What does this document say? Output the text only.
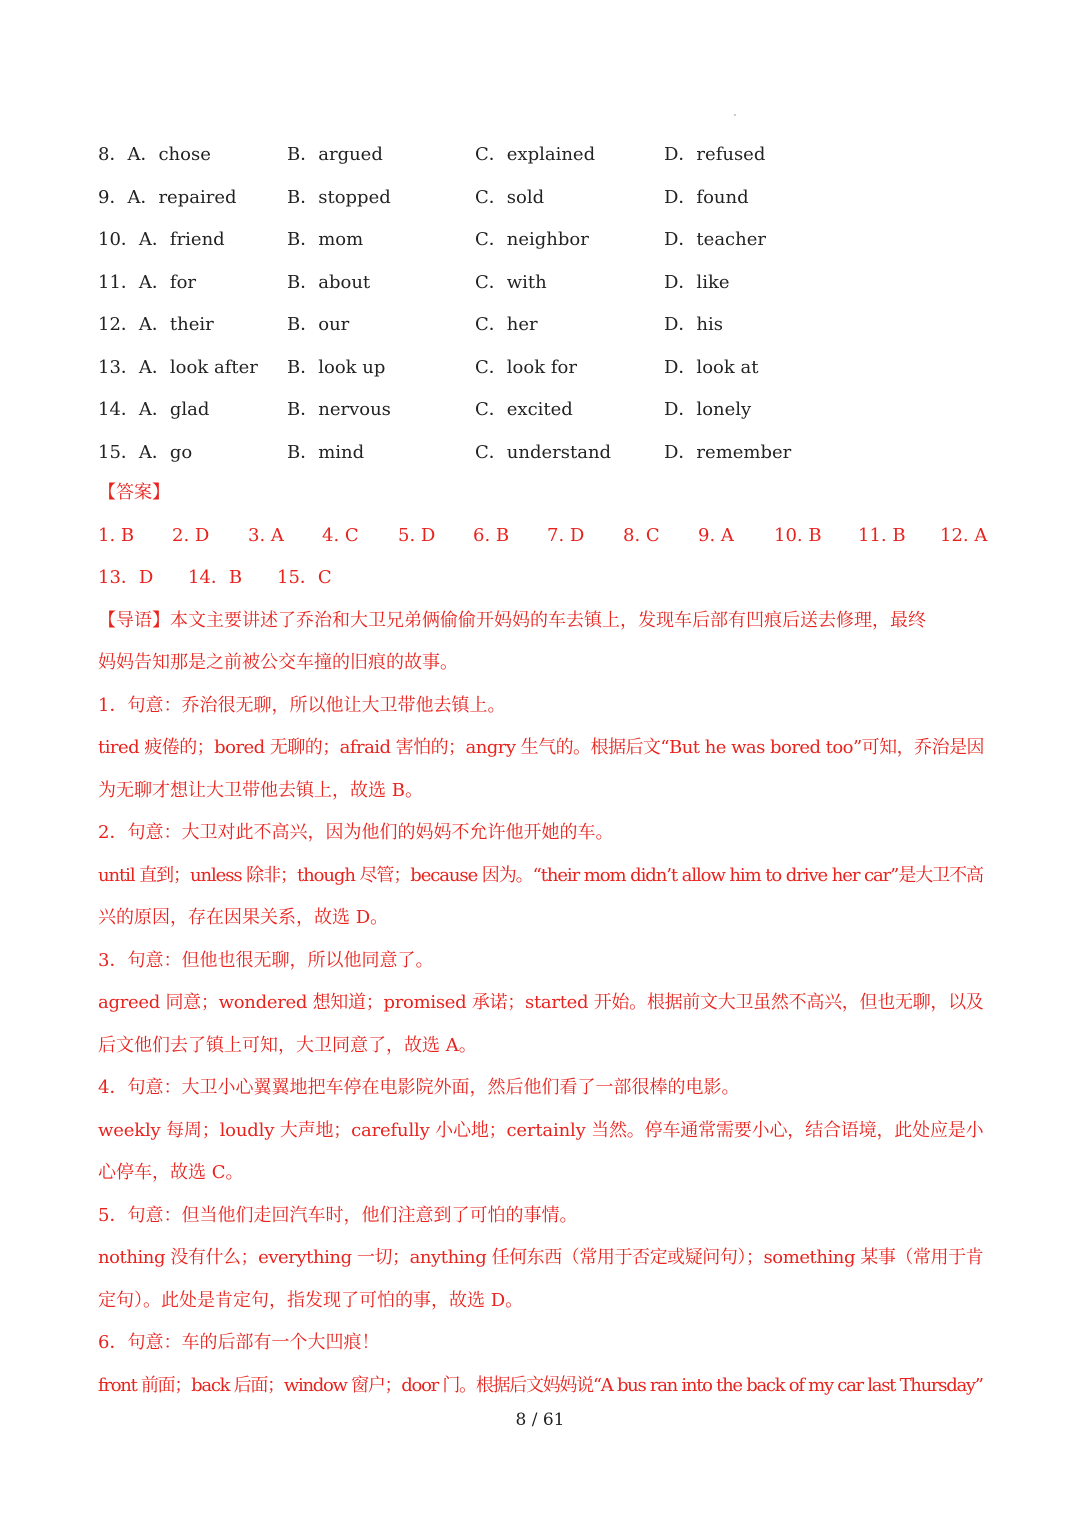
8．A．chose	B．argued	C．explained	D．refused
9．A．repaired	B．stopped	C．sold	D．found
10．A．friend	B．mom	C．neighbor	D．teacher
11．A．for	B．about	C．with	D．like
12．A．their	B．our	C．her	D．his
13．A．look after B．look up	C．look for	D．look at
14．A．glad	B．nervous	C．excited	D．lonely
15．A．go	B．mind	C．understand	D．remember
【答案】
1. B 2. D 3. A 4. C 5. D 6. B 7. D 8. C 9. A 10. B 11. B 12. A
13．D 14．B 15．C
【导语】本文主要讲述了乔治和大卫兄弟俩偷偷开妈妈的车去镇上，发现车后部有凹痕后送去修理，最终
妈妈告知那是之前被公交车撞的旧痕的故事。
1．句意：乔治很无聊，所以他让大卫带他去镇上。
tired 疲倦的；bored 无聊的；afraid 害怕的；angry 生气的。根据后文“But he was bored too”可知，乔治是因
为无聊才想让大卫带他去镇上，故选 B。
2．句意：大卫对此不高兴，因为他们的妈妈不允许他开她的车。
until 直到；unless 除非；though 尽管；because 因为。“their mom didn’t allow him to drive her car”是大卫不高
兴的原因，存在因果关系，故选 D。
3．句意：但他也很无聊，所以他同意了。
agreed 同意；wondered 想知道；promised 承诺；started 开始。根据前文大卫虽然不高兴，但也无聊，以及
后文他们去了镇上可知，大卫同意了，故选 A。
4．句意：大卫小心翼翼地把车停在电影院外面，然后他们看了一部很棒的电影。
weekly 每周；loudly 大声地；carefully 小心地；certainly 当然。停车通常需要小心，结合语境，此处应是小
心停车，故选 C。
5．句意：但当他们走回汽车时，他们注意到了可怕的事情。
nothing 没有什么；everything 一切；anything 任何东西（常用于否定或疑问句）；something 某事（常用于肯
定句）。此处是肯定句，指发现了可怕的事，故选 D。
6．句意：车的后部有一个大凹痕！
front 前面；back 后面；window 窗户；door 门。根据后文妈妈说“A bus ran into the back of my car last Thursday”
8 / 61
